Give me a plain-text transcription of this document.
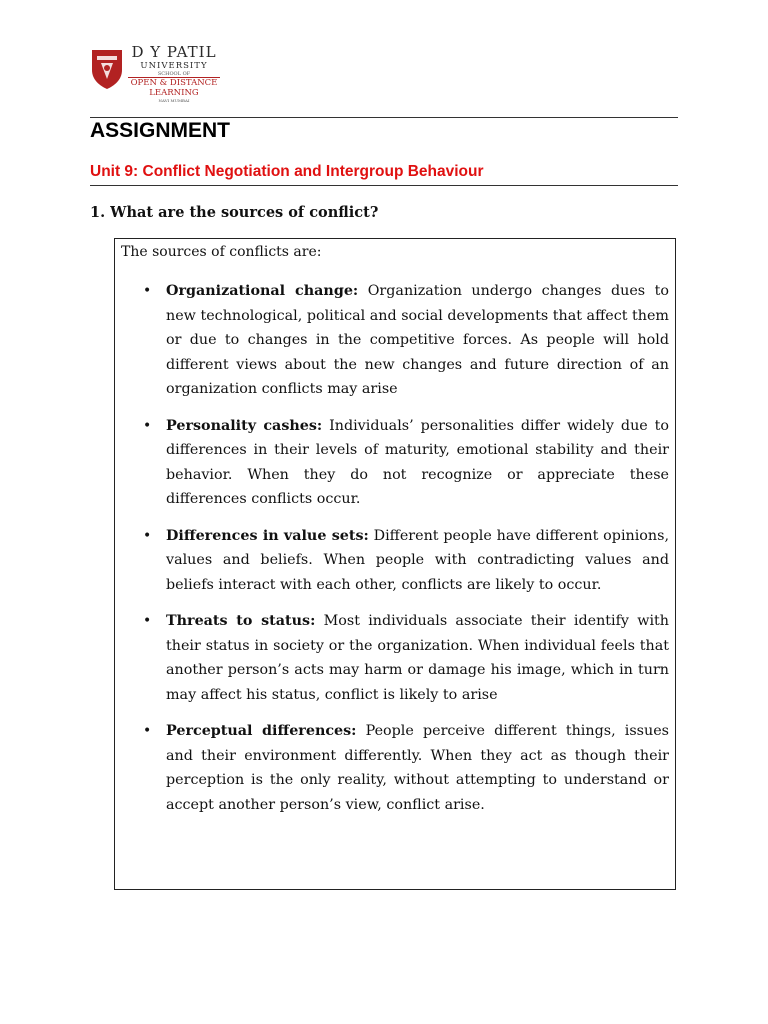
D Y PATIL
UNIVERSITY
SCHOOL OF
OPEN & DISTANCE
LEARNING
NAVI MUMBAI
ASSIGNMENT
Unit 9: Conflict Negotiation and Intergroup Behaviour

1. What are the sources of conflict?

The sources of conflicts are:

• Organizational change: Organization undergo changes dues to new technological, political and social developments that affect them or due to changes in the competitive forces. As people will hold different views about the new changes and future direction of an organization conflicts may arise

• Personality cashes: Individuals’ personalities differ widely due to differences in their levels of maturity, emotional stability and their behavior. When they do not recognize or appreciate these differences conflicts occur.

• Differences in value sets: Different people have different opinions, values and beliefs. When people with contradicting values and beliefs interact with each other, conflicts are likely to occur.

• Threats to status: Most individuals associate their identify with their status in society or the organization. When individual feels that another person’s acts may harm or damage his image, which in turn may affect his status, conflict is likely to arise

• Perceptual differences: People perceive different things, issues and their environment differently. When they act as though their perception is the only reality, without attempting to understand or accept another person’s view, conflict arise.
